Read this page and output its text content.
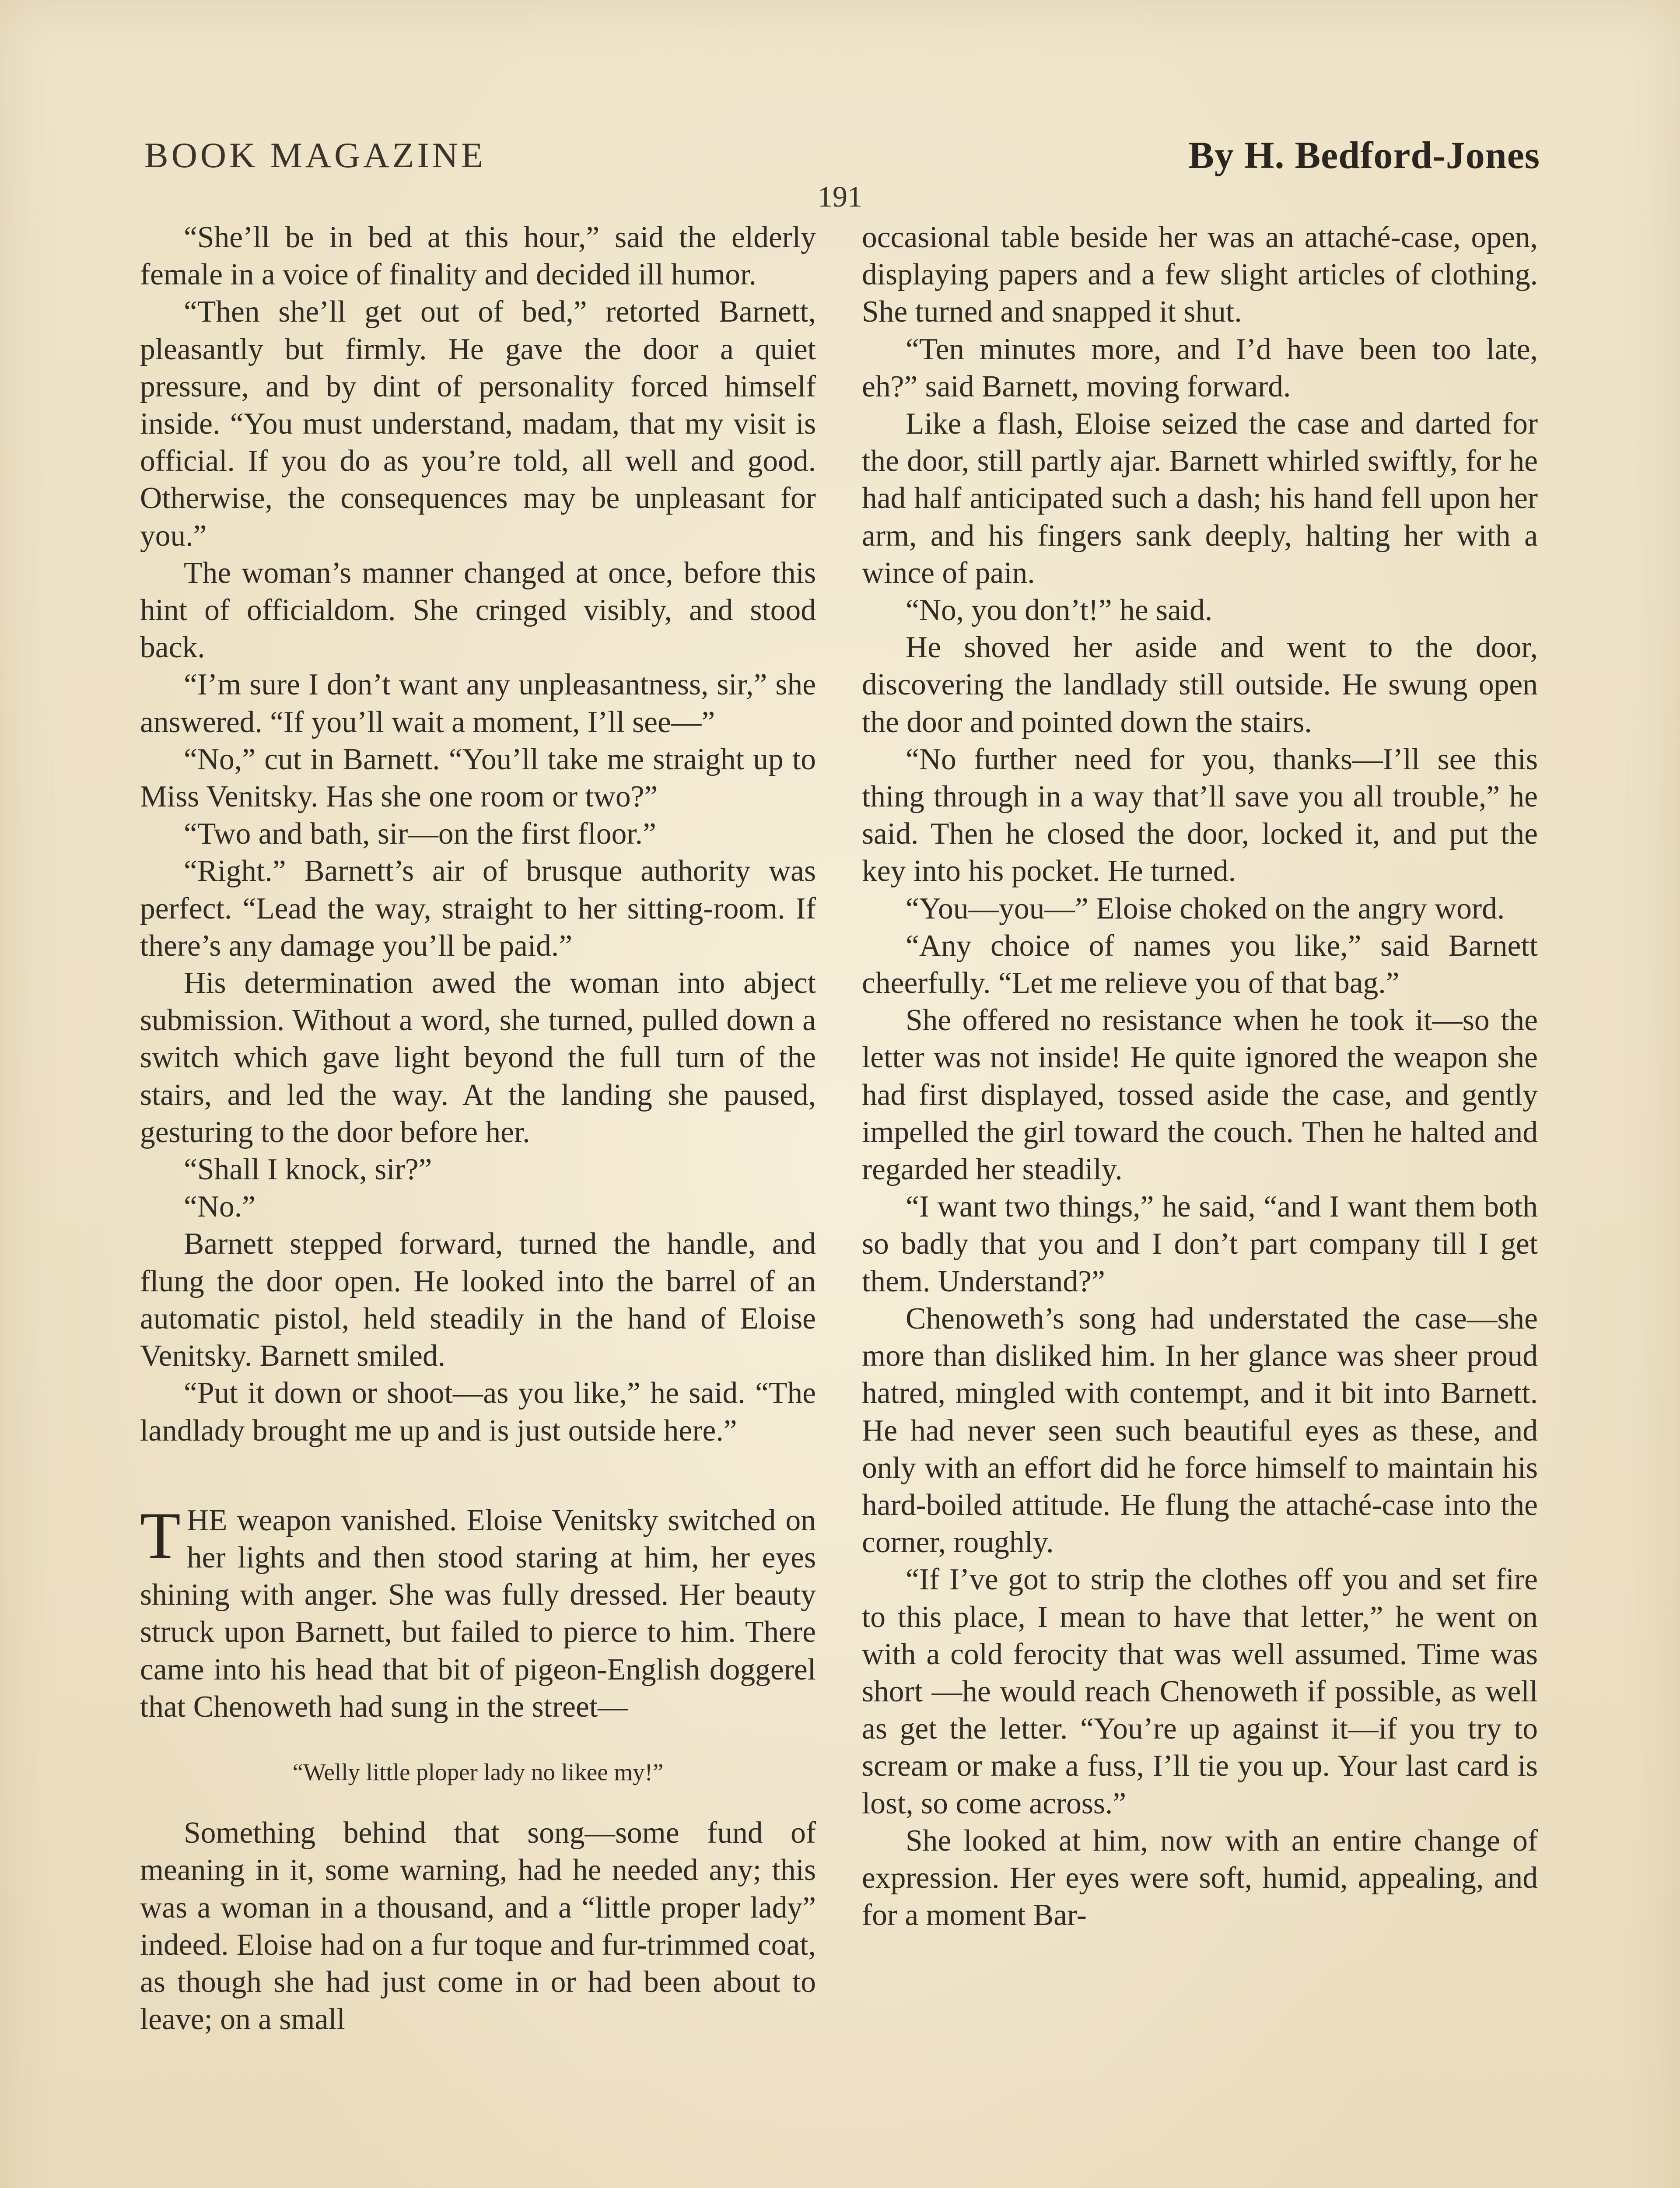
BOOK MAGAZINE	By H. Bedford-Jones
191

“She’ll be in bed at this hour,” said the elderly female in a voice of finality and decided ill humor.

“Then she’ll get out of bed,” retorted Barnett, pleasantly but firmly. He gave the door a quiet pressure, and by dint of personality forced himself inside. “You must understand, madam, that my visit is official. If you do as you’re told, all well and good. Otherwise, the consequences may be unpleasant for you.”

The woman’s manner changed at once, before this hint of officialdom. She cringed visibly, and stood back.

“I’m sure I don’t want any unpleasantness, sir,” she answered. “If you’ll wait a moment, I’ll see—”

“No,” cut in Barnett. “You’ll take me straight up to Miss Venitsky. Has she one room or two?”

“Two and bath, sir—on the first floor.”

“Right.” Barnett’s air of brusque authority was perfect. “Lead the way, straight to her sitting-room. If there’s any damage you’ll be paid.”

His determination awed the woman into abject submission. Without a word, she turned, pulled down a switch which gave light beyond the full turn of the stairs, and led the way. At the landing she paused, gesturing to the door before her.

“Shall I knock, sir?”

“No.”

Barnett stepped forward, turned the handle, and flung the door open. He looked into the barrel of an automatic pistol, held steadily in the hand of Eloise Venitsky. Barnett smiled.

“Put it down or shoot—as you like,” he said. “The landlady brought me up and is just outside here.”

THE weapon vanished. Eloise Venitsky switched on her lights and then stood staring at him, her eyes shining with anger. She was fully dressed. Her beauty struck upon Barnett, but failed to pierce to him. There came into his head that bit of pigeon-English doggerel that Chenoweth had sung in the street—

“Welly little ploper lady no likee my!”

Something behind that song—some fund of meaning in it, some warning, had he needed any; this was a woman in a thousand, and a “little proper lady” indeed. Eloise had on a fur toque and fur-trimmed coat, as though she had just come in or had been about to leave; on a small

occasional table beside her was an attaché-case, open, displaying papers and a few slight articles of clothing. She turned and snapped it shut.

“Ten minutes more, and I’d have been too late, eh?” said Barnett, moving forward.

Like a flash, Eloise seized the case and darted for the door, still partly ajar. Barnett whirled swiftly, for he had half anticipated such a dash; his hand fell upon her arm, and his fingers sank deeply, halting her with a wince of pain.

“No, you don’t!” he said.

He shoved her aside and went to the door, discovering the landlady still outside. He swung open the door and pointed down the stairs.

“No further need for you, thanks—I’ll see this thing through in a way that’ll save you all trouble,” he said. Then he closed the door, locked it, and put the key into his pocket. He turned.

“You—you—” Eloise choked on the angry word.

“Any choice of names you like,” said Barnett cheerfully. “Let me relieve you of that bag.”

She offered no resistance when he took it—so the letter was not inside! He quite ignored the weapon she had first displayed, tossed aside the case, and gently impelled the girl toward the couch. Then he halted and regarded her steadily.

“I want two things,” he said, “and I want them both so badly that you and I don’t part company till I get them. Understand?”

Chenoweth’s song had understated the case—she more than disliked him. In her glance was sheer proud hatred, mingled with contempt, and it bit into Barnett. He had never seen such beautiful eyes as these, and only with an effort did he force himself to maintain his hard-boiled attitude. He flung the attaché-case into the corner, roughly.

“If I’ve got to strip the clothes off you and set fire to this place, I mean to have that letter,” he went on with a cold ferocity that was well assumed. Time was short —he would reach Chenoweth if possible, as well as get the letter. “You’re up against it—if you try to scream or make a fuss, I’ll tie you up. Your last card is lost, so come across.”

She looked at him, now with an entire change of expression. Her eyes were soft, humid, appealing, and for a moment Bar-
